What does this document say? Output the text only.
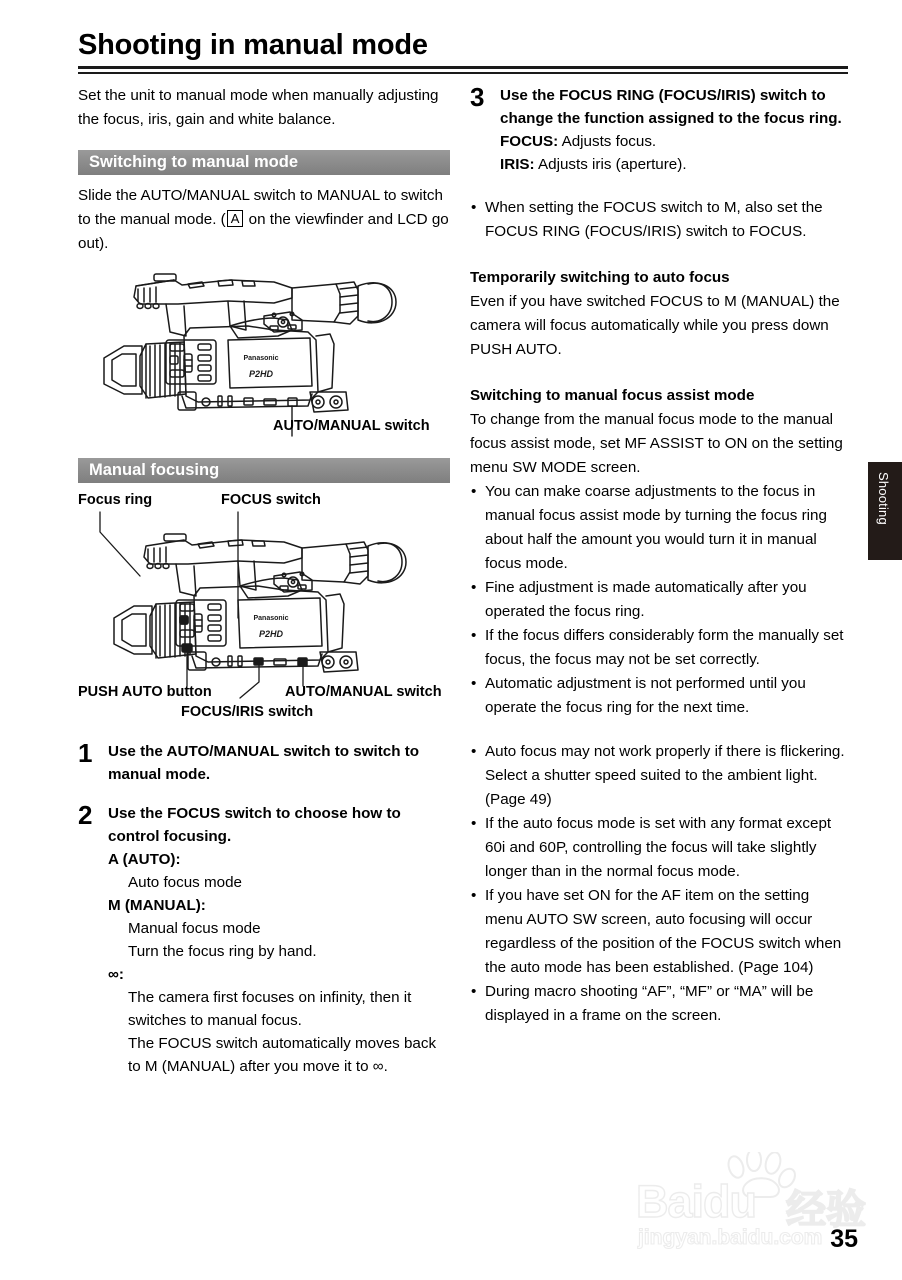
Shooting in manual mode

Set the unit to manual mode when manually adjusting the focus, iris, gain and white balance.

Switching to manual mode

Slide the AUTO/MANUAL switch to MANUAL to switch to the manual mode. ( A on the viewfinder and LCD go out).

Panasonic
P2HD
AUTO/MANUAL switch
Manual focusing
Focus ring	FOCUS switch
Panasonic
P2HD
PUSH AUTO button
FOCUS/IRIS switch
AUTO/MANUAL switch
1	Use the AUTO/MANUAL switch to switch to manual mode.
2	Use the FOCUS switch to choose how to control focusing.
A (AUTO):
Auto focus mode
M (MANUAL):
Manual focus mode
Turn the focus ring by hand.
∞:
The camera first focuses on infinity, then it switches to manual focus.
The FOCUS switch automatically moves back to M (MANUAL) after you move it to ∞.
3	Use the FOCUS RING (FOCUS/IRIS) switch to change the function assigned to the focus ring.
FOCUS: Adjusts focus.
IRIS: Adjusts iris (aperture).
• When setting the FOCUS switch to M, also set the FOCUS RING (FOCUS/IRIS) switch to FOCUS.
Temporarily switching to auto focus

Even if you have switched FOCUS to M (MANUAL) the camera will focus automatically while you press down PUSH AUTO.

Switching to manual focus assist mode

To change from the manual focus mode to the manual focus assist mode, set MF ASSIST to ON on the setting menu SW MODE screen.

• You can make coarse adjustments to the focus in manual focus assist mode by turning the focus ring about half the amount you would turn it in manual focus mode.
• Fine adjustment is made automatically after you operated the focus ring.
• If the focus differs considerably form the manually set focus, the focus may not be set correctly.
• Automatic adjustment is not performed until you operate the focus ring for the next time.
• Auto focus may not work properly if there is flickering. Select a shutter speed suited to the ambient light. (Page 49)
• If the auto focus mode is set with any format except 60i and 60P, controlling the focus will take slightly longer than in the normal focus mode.
• If you have set ON for the AF item on the setting menu AUTO SW screen, auto focusing will occur regardless of the position of the FOCUS switch when the auto mode has been established. (Page 104)
• During macro shooting “AF”, “MF” or “MA” will be displayed in a frame on the screen.
Shooting
Baidu 经验
jingyan.baidu.com 35
